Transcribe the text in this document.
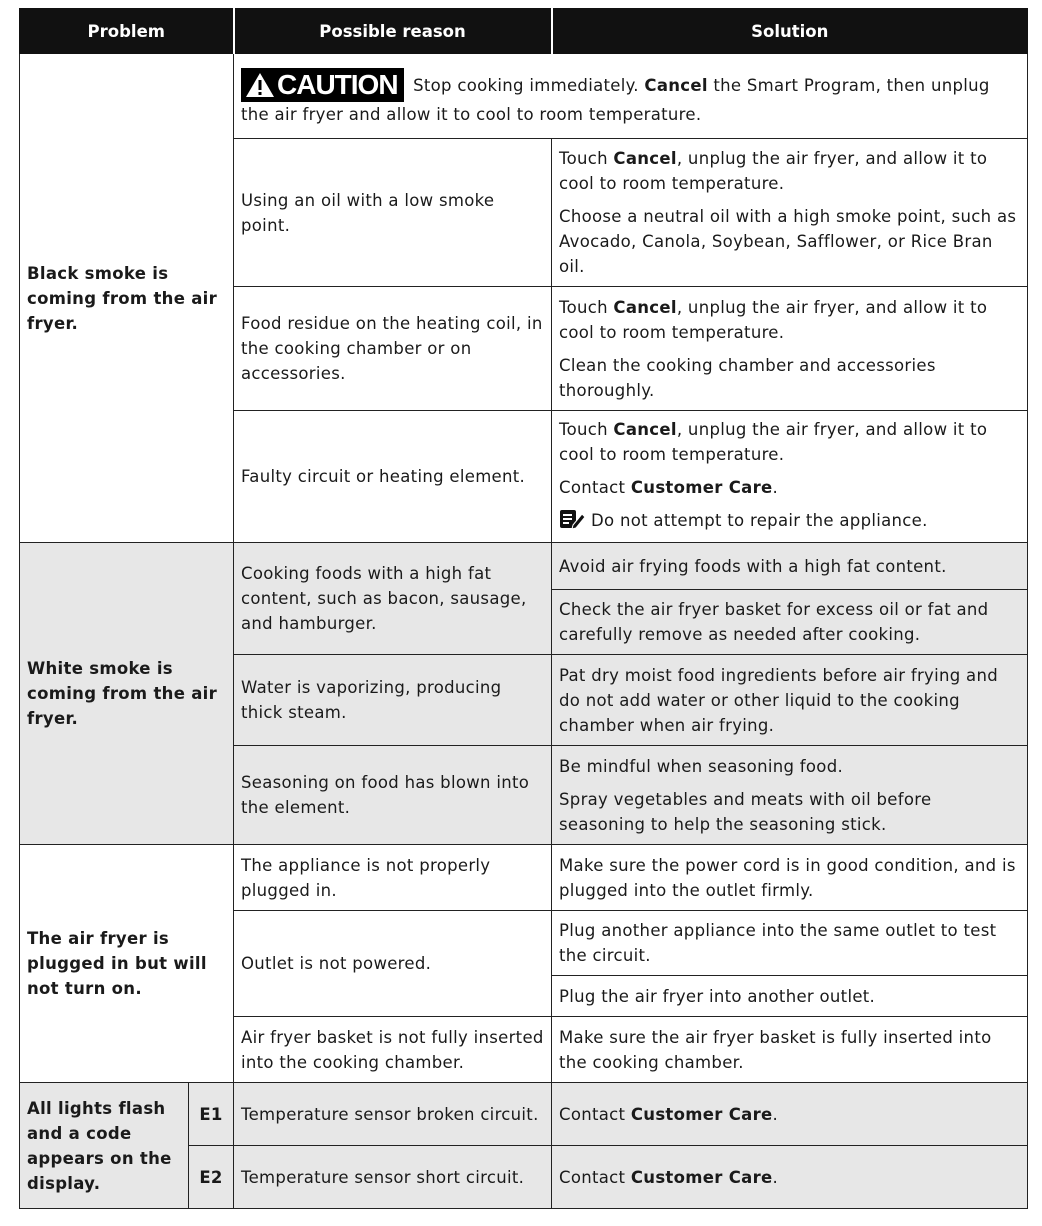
Problem		Possible reason	Solution
Black smoke is coming from the air fryer.		CAUTION Stop cooking immediately. Cancel the Smart Program, then unplug the air fryer and allow it to cool to room temperature.	
		Using an oil with a low smoke point.	Touch Cancel, unplug the air fryer, and allow it to cool to room temperature.

Choose a neutral oil with a high smoke point, such as Avocado, Canola, Soybean, Safflower, or Rice Bran oil.

		Food residue on the heating coil, in the cooking chamber or on accessories.	Touch Cancel, unplug the air fryer, and allow it to cool to room temperature.

Clean the cooking chamber and accessories thoroughly.

		Faulty circuit or heating element.	Touch Cancel, unplug the air fryer, and allow it to cool to room temperature.

Contact Customer Care.

Do not attempt to repair the appliance.

White smoke is coming from the air fryer.		Cooking foods with a high fat content, such as bacon, sausage, and hamburger.	Avoid air frying foods with a high fat content.
			Check the air fryer basket for excess oil or fat and carefully remove as needed after cooking.
		Water is vaporizing, producing thick steam.	Pat dry moist food ingredients before air frying and do not add water or other liquid to the cooking chamber when air frying.
		Seasoning on food has blown into the element.	Be mindful when seasoning food.

Spray vegetables and meats with oil before seasoning to help the seasoning stick.

The air fryer is plugged in but will not turn on.		The appliance is not properly plugged in.	Make sure the power cord is in good condition, and is plugged into the outlet firmly.
		Outlet is not powered.	Plug another appliance into the same outlet to test the circuit.
			Plug the air fryer into another outlet.
		Air fryer basket is not fully inserted into the cooking chamber.	Make sure the air fryer basket is fully inserted into the cooking chamber.
All lights flash and a code appears on the display.	E1	Temperature sensor broken circuit.	Contact Customer Care.
	E2	Temperature sensor short circuit.	Contact Customer Care.
